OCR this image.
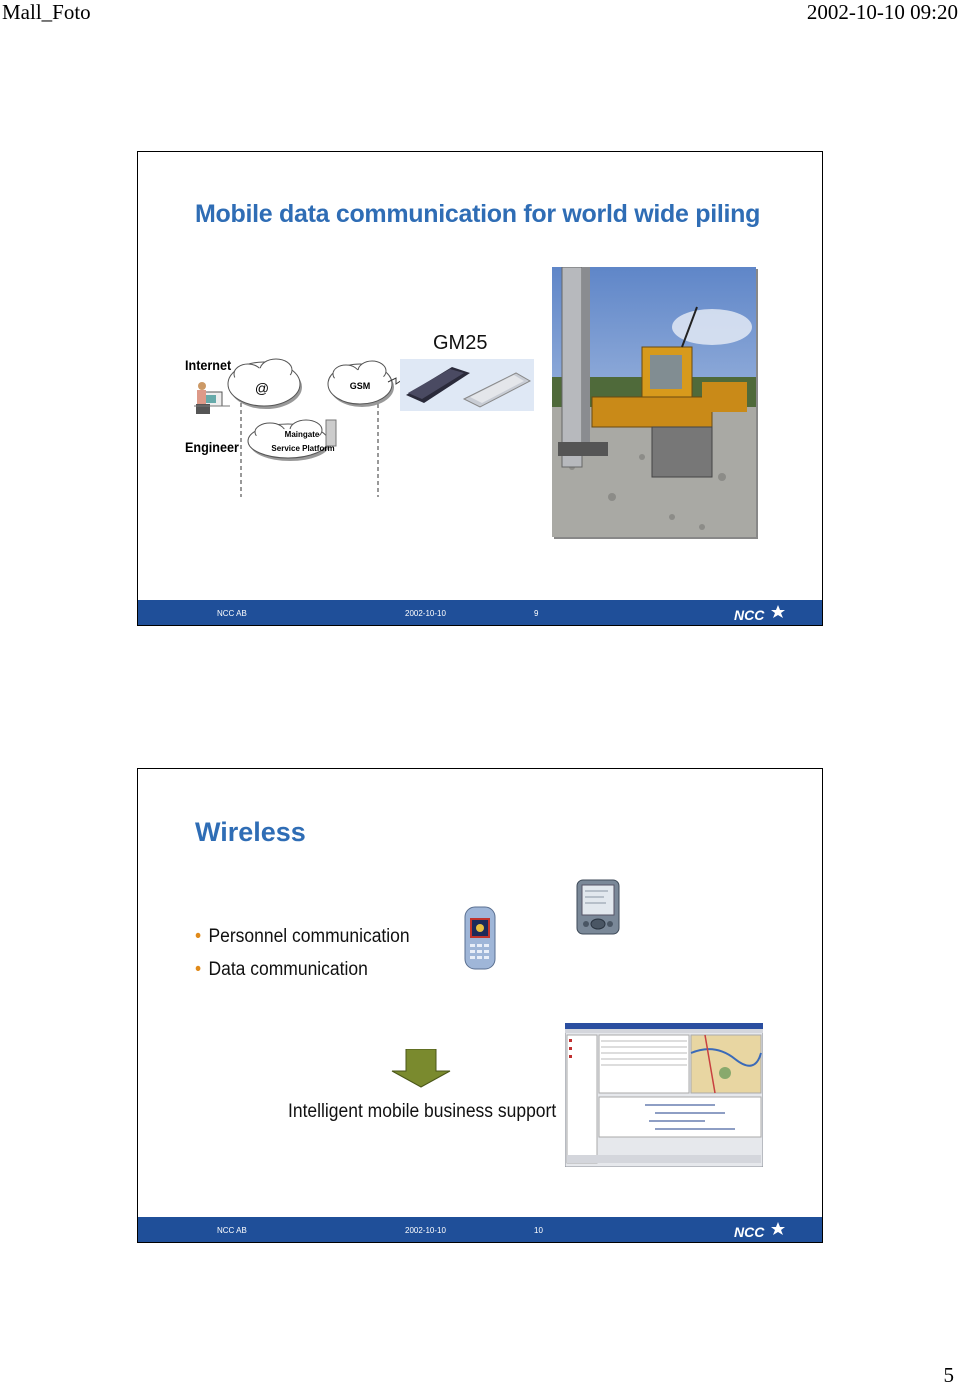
Mall_Foto	2002-10-10 09:20
Mobile data communication for world wide piling
@	GSM
Maingate
Service Platform
Internet
Engineer
GM25
NCC AB	2002-10-10	9	NCC
Wireless
• Personnel communication
• Data communication
Intelligent mobile business support
NCC AB	2002-10-10	10	NCC
5
